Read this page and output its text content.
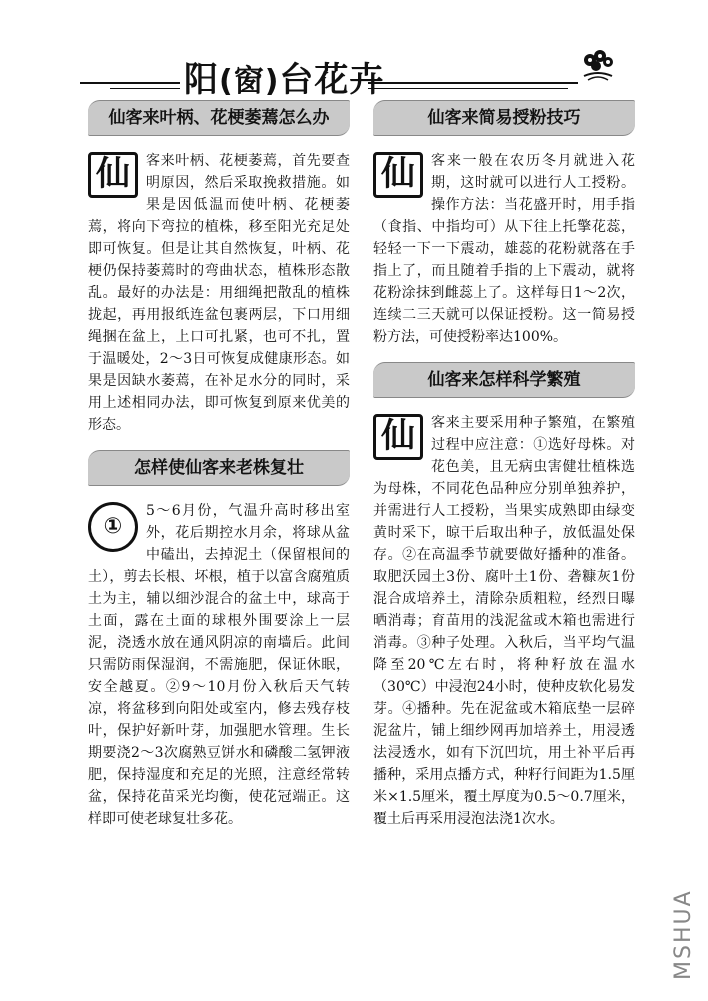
阳(窗)台花卉
仙客来叶柄、花梗萎蔫怎么办

仙	客来叶柄、花梗萎蔫，首先要查明原因，然后采取挽救措施。如果是因低温而使叶柄、花梗萎蔫，将向下弯拉的植株，移至阳光充足处即可恢复。但是让其自然恢复，叶柄、花梗仍保持萎蔫时的弯曲状态，植株形态散乱。最好的办法是：用细绳把散乱的植株拢起，再用报纸连盆包裹两层，下口用细绳捆在盆上，上口可扎紧，也可不扎，置于温暖处，2～3日可恢复成健康形态。如果是因缺水萎蔫，在补足水分的同时，采用上述相同办法，即可恢复到原来优美的形态。

怎样使仙客来老株复壮

①
5～6月份，气温升高时移出室外，花后期控水月余，将球从盆中磕出，去掉泥土（保留根间的土），剪去长根、坏根，植于以富含腐殖质土为主，辅以细沙混合的盆土中，球高于土面，露在土面的球根外围要涂上一层泥，浇透水放在通风阴凉的南墙后。此间只需防雨保湿润，不需施肥，保证休眠，安全越夏。②9～10月份入秋后天气转凉，将盆移到向阳处或室内，修去残存枝叶，保护好新叶芽，加强肥水管理。生长期要浇2～3次腐熟豆饼水和磷酸二氢钾液肥，保持湿度和充足的光照，注意经常转盆，保持花苗采光均衡，使花冠端正。这样即可使老球复壮多花。

仙客来简易授粉技巧

仙	客来一般在农历冬月就进入花期，这时就可以进行人工授粉。操作方法：当花盛开时，用手指（食指、中指均可）从下往上托擎花蕊，轻轻一下一下震动，雄蕊的花粉就落在手指上了，而且随着手指的上下震动，就将花粉涂抹到雌蕊上了。这样每日1～2次，连续二三天就可以保证授粉。这一简易授粉方法，可使授粉率达100%。

仙客来怎样科学繁殖

仙	客来主要采用种子繁殖，在繁殖过程中应注意：①选好母株。对花色美，且无病虫害健壮植株选为母株，不同花色品种应分别单独养护，并需进行人工授粉，当果实成熟即由绿变黄时采下，晾干后取出种子，放低温处保存。②在高温季节就要做好播种的准备。取肥沃园土3份、腐叶土1份、砻糠灰1份混合成培养土，清除杂质粗粒，经烈日曝晒消毒；育苗用的浅泥盆或木箱也需进行消毒。③种子处理。入秋后，当平均气温降至20℃左右时，将种籽放在温水（30℃）中浸泡24小时，使种皮软化易发芽。④播种。先在泥盆或木箱底垫一层碎泥盆片，铺上细纱网再加培养土，用浸透法浸透水，如有下沉凹坑，用土补平后再播种，采用点播方式，种籽行间距为1.5厘米×1.5厘米，覆土厚度为0.5～0.7厘米，覆土后再采用浸泡法浇1次水。

MSHUA
